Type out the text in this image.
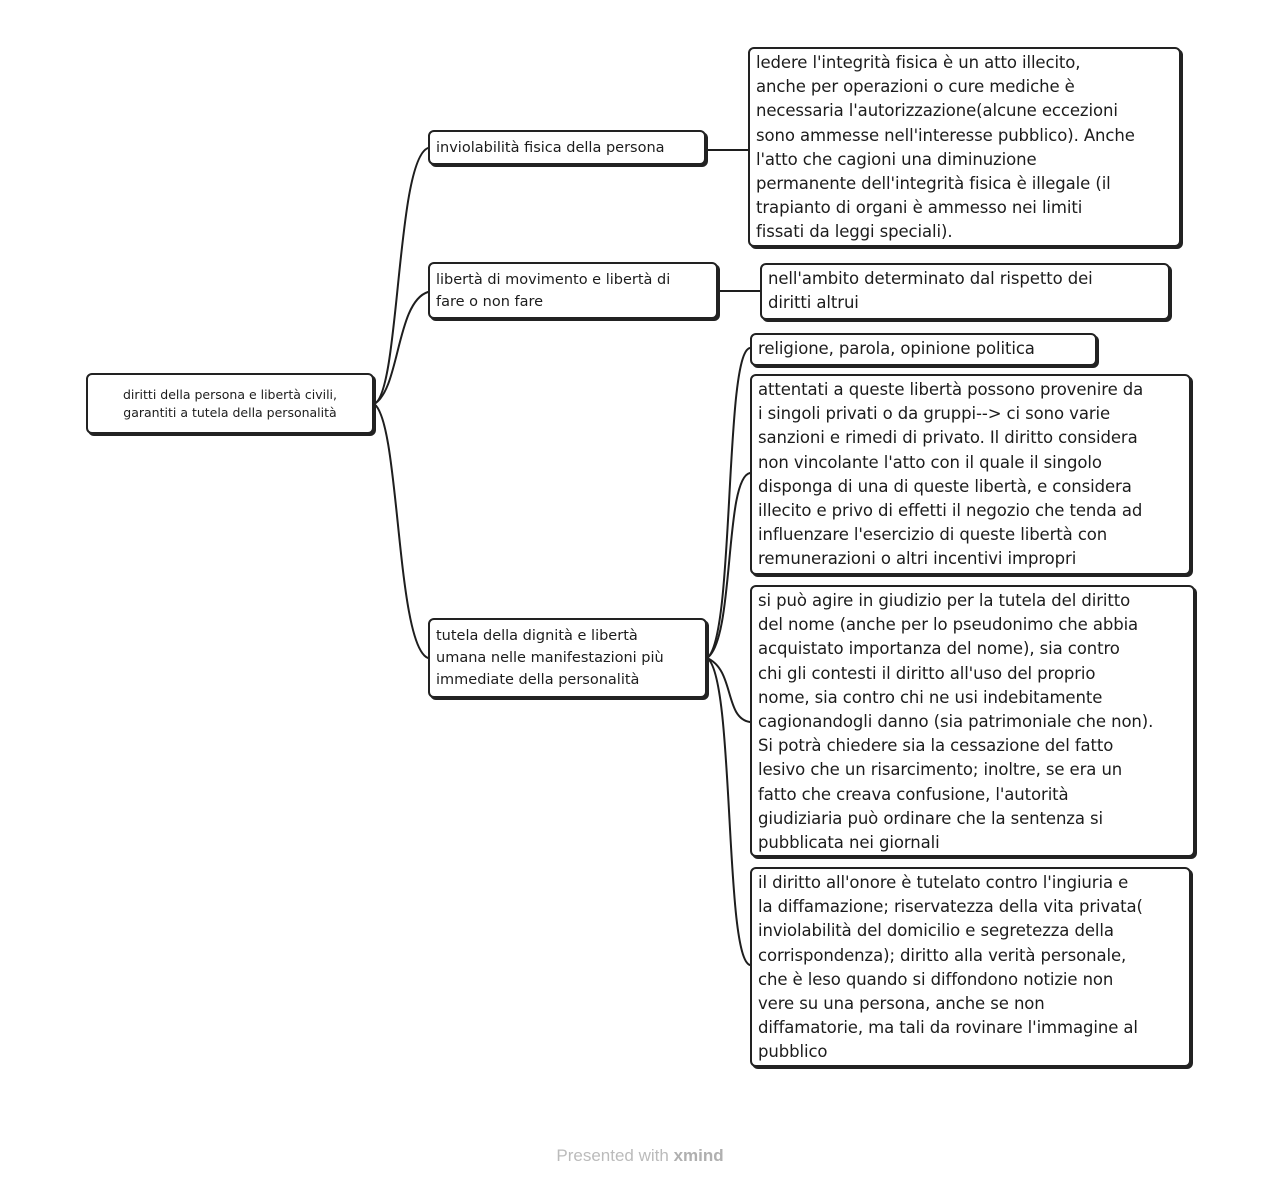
diritti della persona e libertà civili,
garantiti a tutela della personalità
inviolabilità fisica della persona
libertà di movimento e libertà di
fare o non fare
tutela della dignità e libertà
umana nelle manifestazioni più
immediate della personalità
ledere l'integrità fisica è un atto illecito,
anche per operazioni o cure mediche è
necessaria l'autorizzazione(alcune eccezioni
sono ammesse nell'interesse pubblico). Anche
l'atto che cagioni una diminuzione
permanente dell'integrità fisica è illegale (il
trapianto di organi è ammesso nei limiti
fissati da leggi speciali).
nell'ambito determinato dal rispetto dei
diritti altrui
religione, parola, opinione politica
attentati a queste libertà possono provenire da
i singoli privati o da gruppi--> ci sono varie
sanzioni e rimedi di privato. Il diritto considera
non vincolante l'atto con il quale il singolo
disponga di una di queste libertà, e considera
illecito e privo di effetti il negozio che tenda ad
influenzare l'esercizio di queste libertà con
remunerazioni o altri incentivi impropri
si può agire in giudizio per la tutela del diritto
del nome (anche per lo pseudonimo che abbia
acquistato importanza del nome), sia contro
chi gli contesti il diritto all'uso del proprio
nome, sia contro chi ne usi indebitamente
cagionandogli danno (sia patrimoniale che non).
Si potrà chiedere sia la cessazione del fatto
lesivo che un risarcimento; inoltre, se era un
fatto che creava confusione, l'autorità
giudiziaria può ordinare che la sentenza si
pubblicata nei giornali
il diritto all'onore è tutelato contro l'ingiuria e
la diffamazione; riservatezza della vita privata(
inviolabilità del domicilio e segretezza della
corrispondenza); diritto alla verità personale,
che è leso quando si diffondono notizie non
vere su una persona, anche se non
diffamatorie, ma tali da rovinare l'immagine al
pubblico
Presented with xmind
